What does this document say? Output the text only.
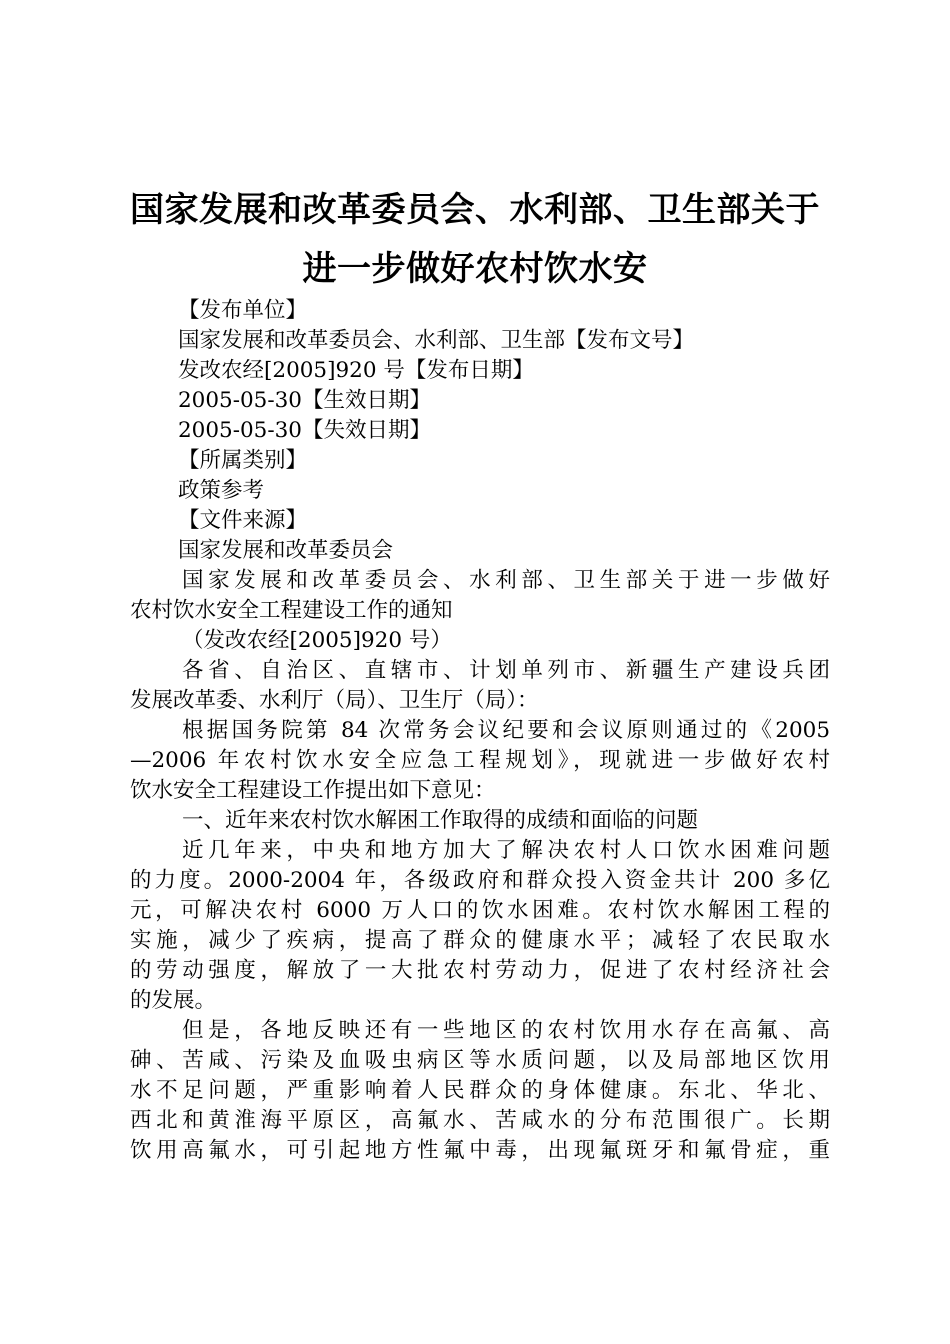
国家发展和改革委员会、水利部、卫生部关于
进一步做好农村饮水安
【发布单位】
国家发展和改革委员会、水利部、卫生部【发布文号】
发改农经[2005]920 号【发布日期】
2005-05-30【生效日期】
2005-05-30【失效日期】
【所属类别】
政策参考
【文件来源】
国家发展和改革委员会
国家发展和改革委员会、水利部、卫生部关于进一步做好
农村饮水安全工程建设工作的通知
（发改农经[2005]920 号）
各省、自治区、直辖市、计划单列市、新疆生产建设兵团
发展改革委、水利厅（局）、卫生厅（局）：
根据国务院第 84 次常务会议纪要和会议原则通过的《2005
—2006 年农村饮水安全应急工程规划》，现就进一步做好农村
饮水安全工程建设工作提出如下意见：
一、近年来农村饮水解困工作取得的成绩和面临的问题
近几年来，中央和地方加大了解决农村人口饮水困难问题
的力度。2000-2004 年，各级政府和群众投入资金共计 200 多亿
元，可解决农村 6000 万人口的饮水困难。农村饮水解困工程的
实施，减少了疾病，提高了群众的健康水平；减轻了农民取水
的劳动强度，解放了一大批农村劳动力，促进了农村经济社会
的发展。
但是，各地反映还有一些地区的农村饮用水存在高氟、高
砷、苦咸、污染及血吸虫病区等水质问题，以及局部地区饮用
水不足问题，严重影响着人民群众的身体健康。东北、华北、
西北和黄淮海平原区，高氟水、苦咸水的分布范围很广。长期
饮用高氟水，可引起地方性氟中毒，出现氟斑牙和氟骨症，重
